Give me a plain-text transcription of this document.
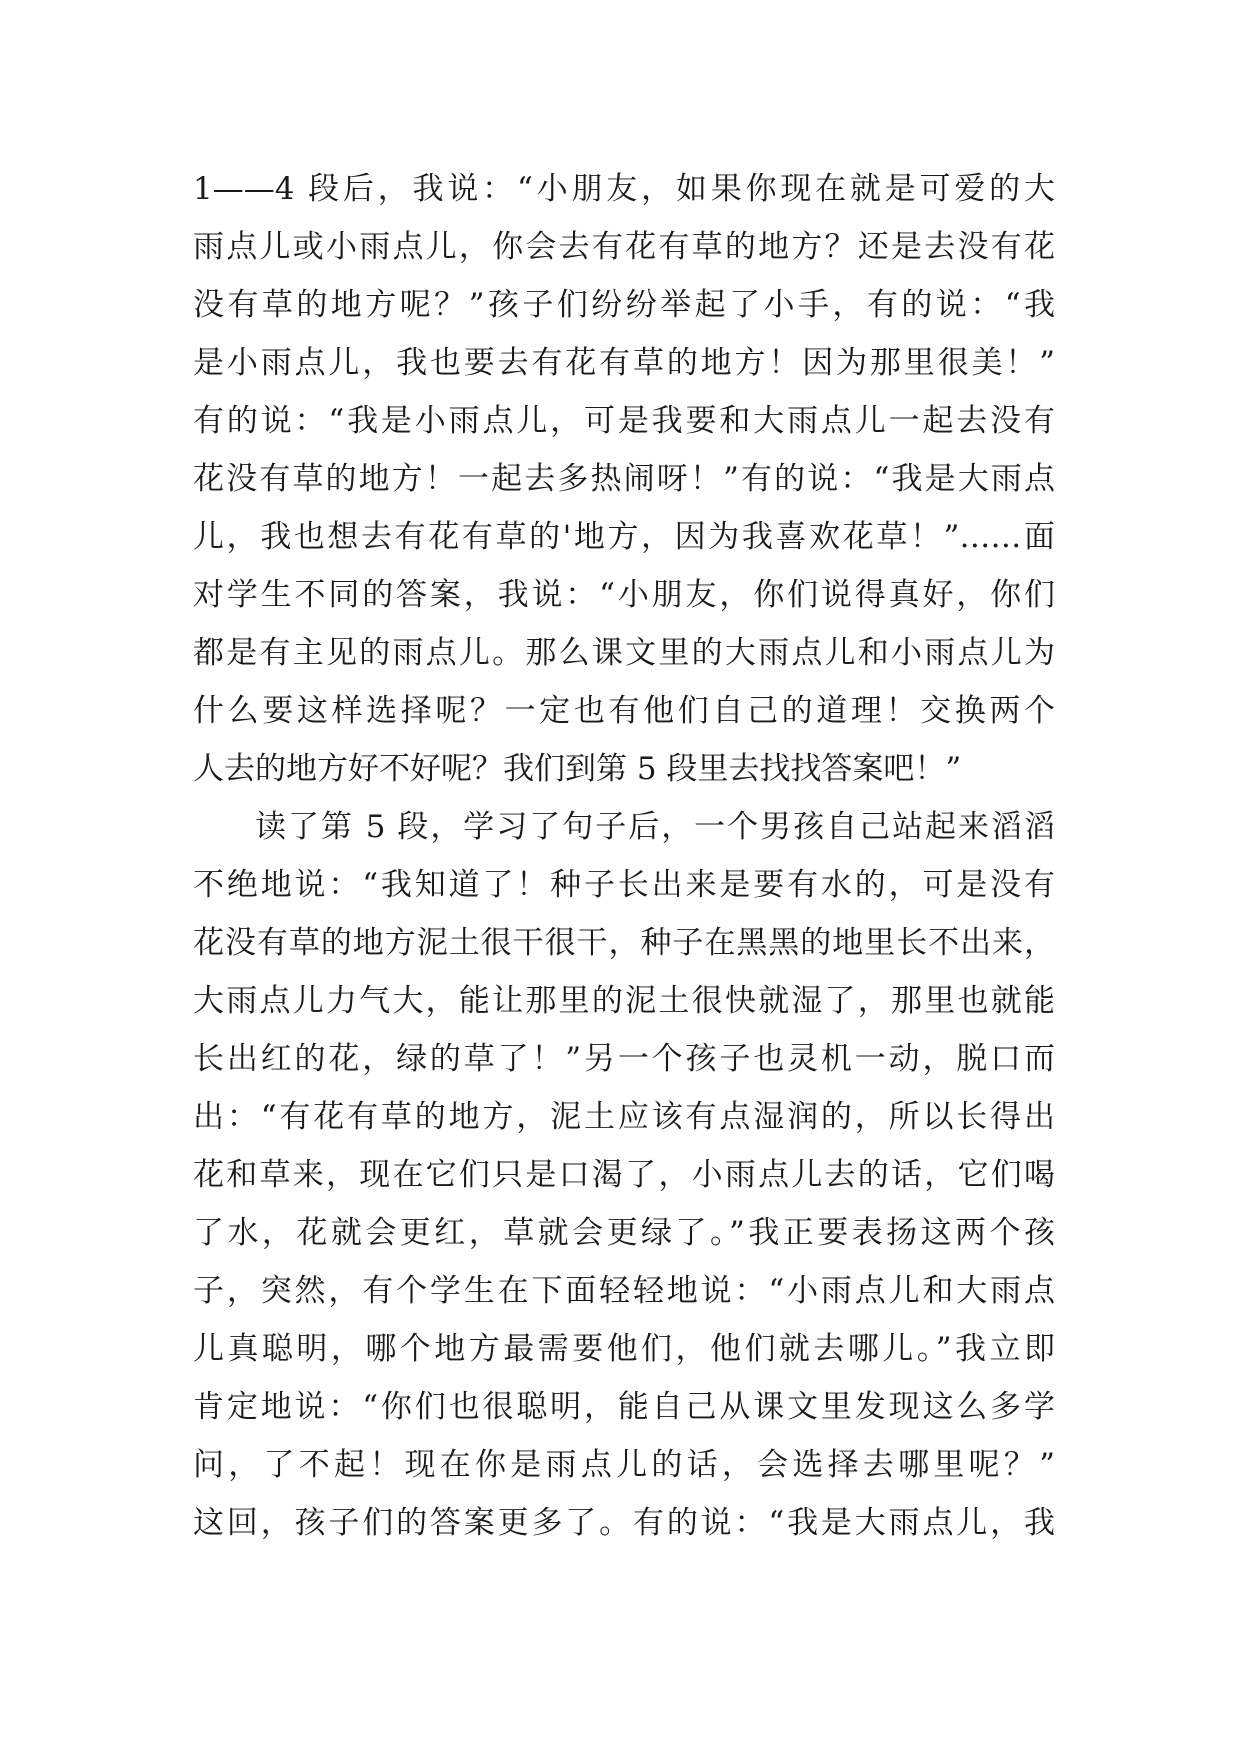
1——4 段后，我说：“小朋友，如果你现在就是可爱的大
雨点儿或小雨点儿，你会去有花有草的地方？还是去没有花
没有草的地方呢？”孩子们纷纷举起了小手，有的说：“我
是小雨点儿，我也要去有花有草的地方！因为那里很美！”
有的说：“我是小雨点儿，可是我要和大雨点儿一起去没有
花没有草的地方！一起去多热闹呀！”有的说：“我是大雨点
儿，我也想去有花有草的'地方，因为我喜欢花草！”……面
对学生不同的答案，我说：“小朋友，你们说得真好，你们
都是有主见的雨点儿。那么课文里的大雨点儿和小雨点儿为
什么要这样选择呢？一定也有他们自己的道理！交换两个
人去的地方好不好呢？我们到第 5 段里去找找答案吧！”
读了第 5 段，学习了句子后，一个男孩自己站起来滔滔
不绝地说：“我知道了！种子长出来是要有水的，可是没有
花没有草的地方泥土很干很干，种子在黑黑的地里长不出来，
大雨点儿力气大，能让那里的泥土很快就湿了，那里也就能
长出红的花，绿的草了！”另一个孩子也灵机一动，脱口而
出：“有花有草的地方，泥土应该有点湿润的，所以长得出
花和草来，现在它们只是口渴了，小雨点儿去的话，它们喝
了水，花就会更红，草就会更绿了。”我正要表扬这两个孩
子，突然，有个学生在下面轻轻地说：“小雨点儿和大雨点
儿真聪明，哪个地方最需要他们，他们就去哪儿。”我立即
肯定地说：“你们也很聪明，能自己从课文里发现这么多学
问，了不起！现在你是雨点儿的话，会选择去哪里呢？”
这回，孩子们的答案更多了。有的说：“我是大雨点儿，我
